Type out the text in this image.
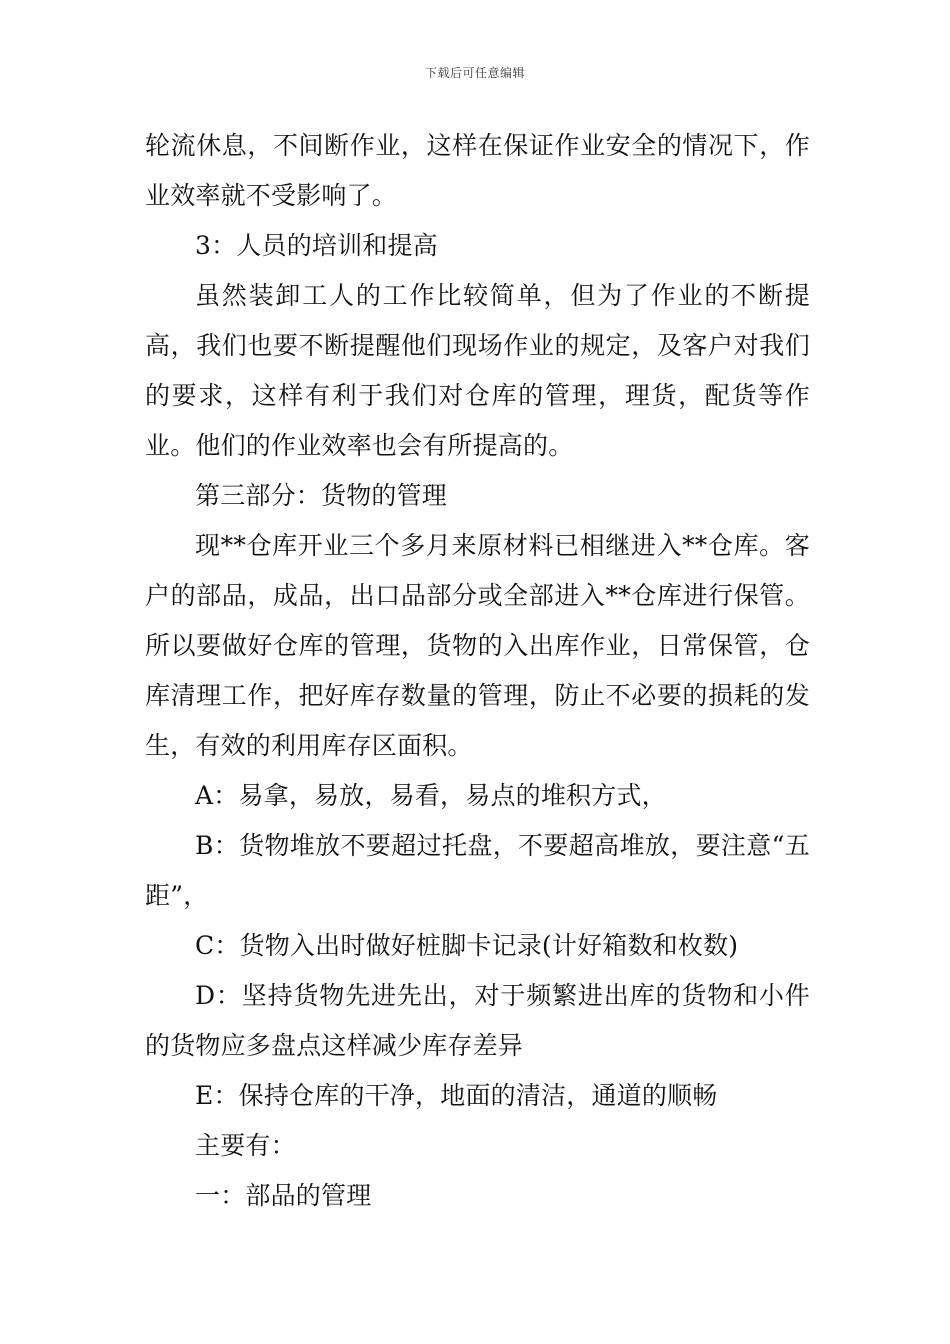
下载后可任意编辑

轮流休息，不间断作业，这样在保证作业安全的情况下，作业效率就不受影响了。

3：人员的培训和提高

虽然装卸工人的工作比较简单，但为了作业的不断提高，我们也要不断提醒他们现场作业的规定，及客户对我们的要求，这样有利于我们对仓库的管理，理货，配货等作业。他们的作业效率也会有所提高的。

第三部分：货物的管理

现**仓库开业三个多月来原材料已相继进入**仓库。客户的部品，成品，出口品部分或全部进入**仓库进行保管。所以要做好仓库的管理，货物的入出库作业，日常保管，仓库清理工作，把好库存数量的管理，防止不必要的损耗的发生，有效的利用库存区面积。

A：易拿，易放，易看，易点的堆积方式，

B：货物堆放不要超过托盘，不要超高堆放，要注意“五距”，

C：货物入出时做好桩脚卡记录(计好箱数和枚数)

D：坚持货物先进先出，对于频繁进出库的货物和小件的货物应多盘点这样减少库存差异

E：保持仓库的干净，地面的清洁，通道的顺畅

主要有：

一：部品的管理
